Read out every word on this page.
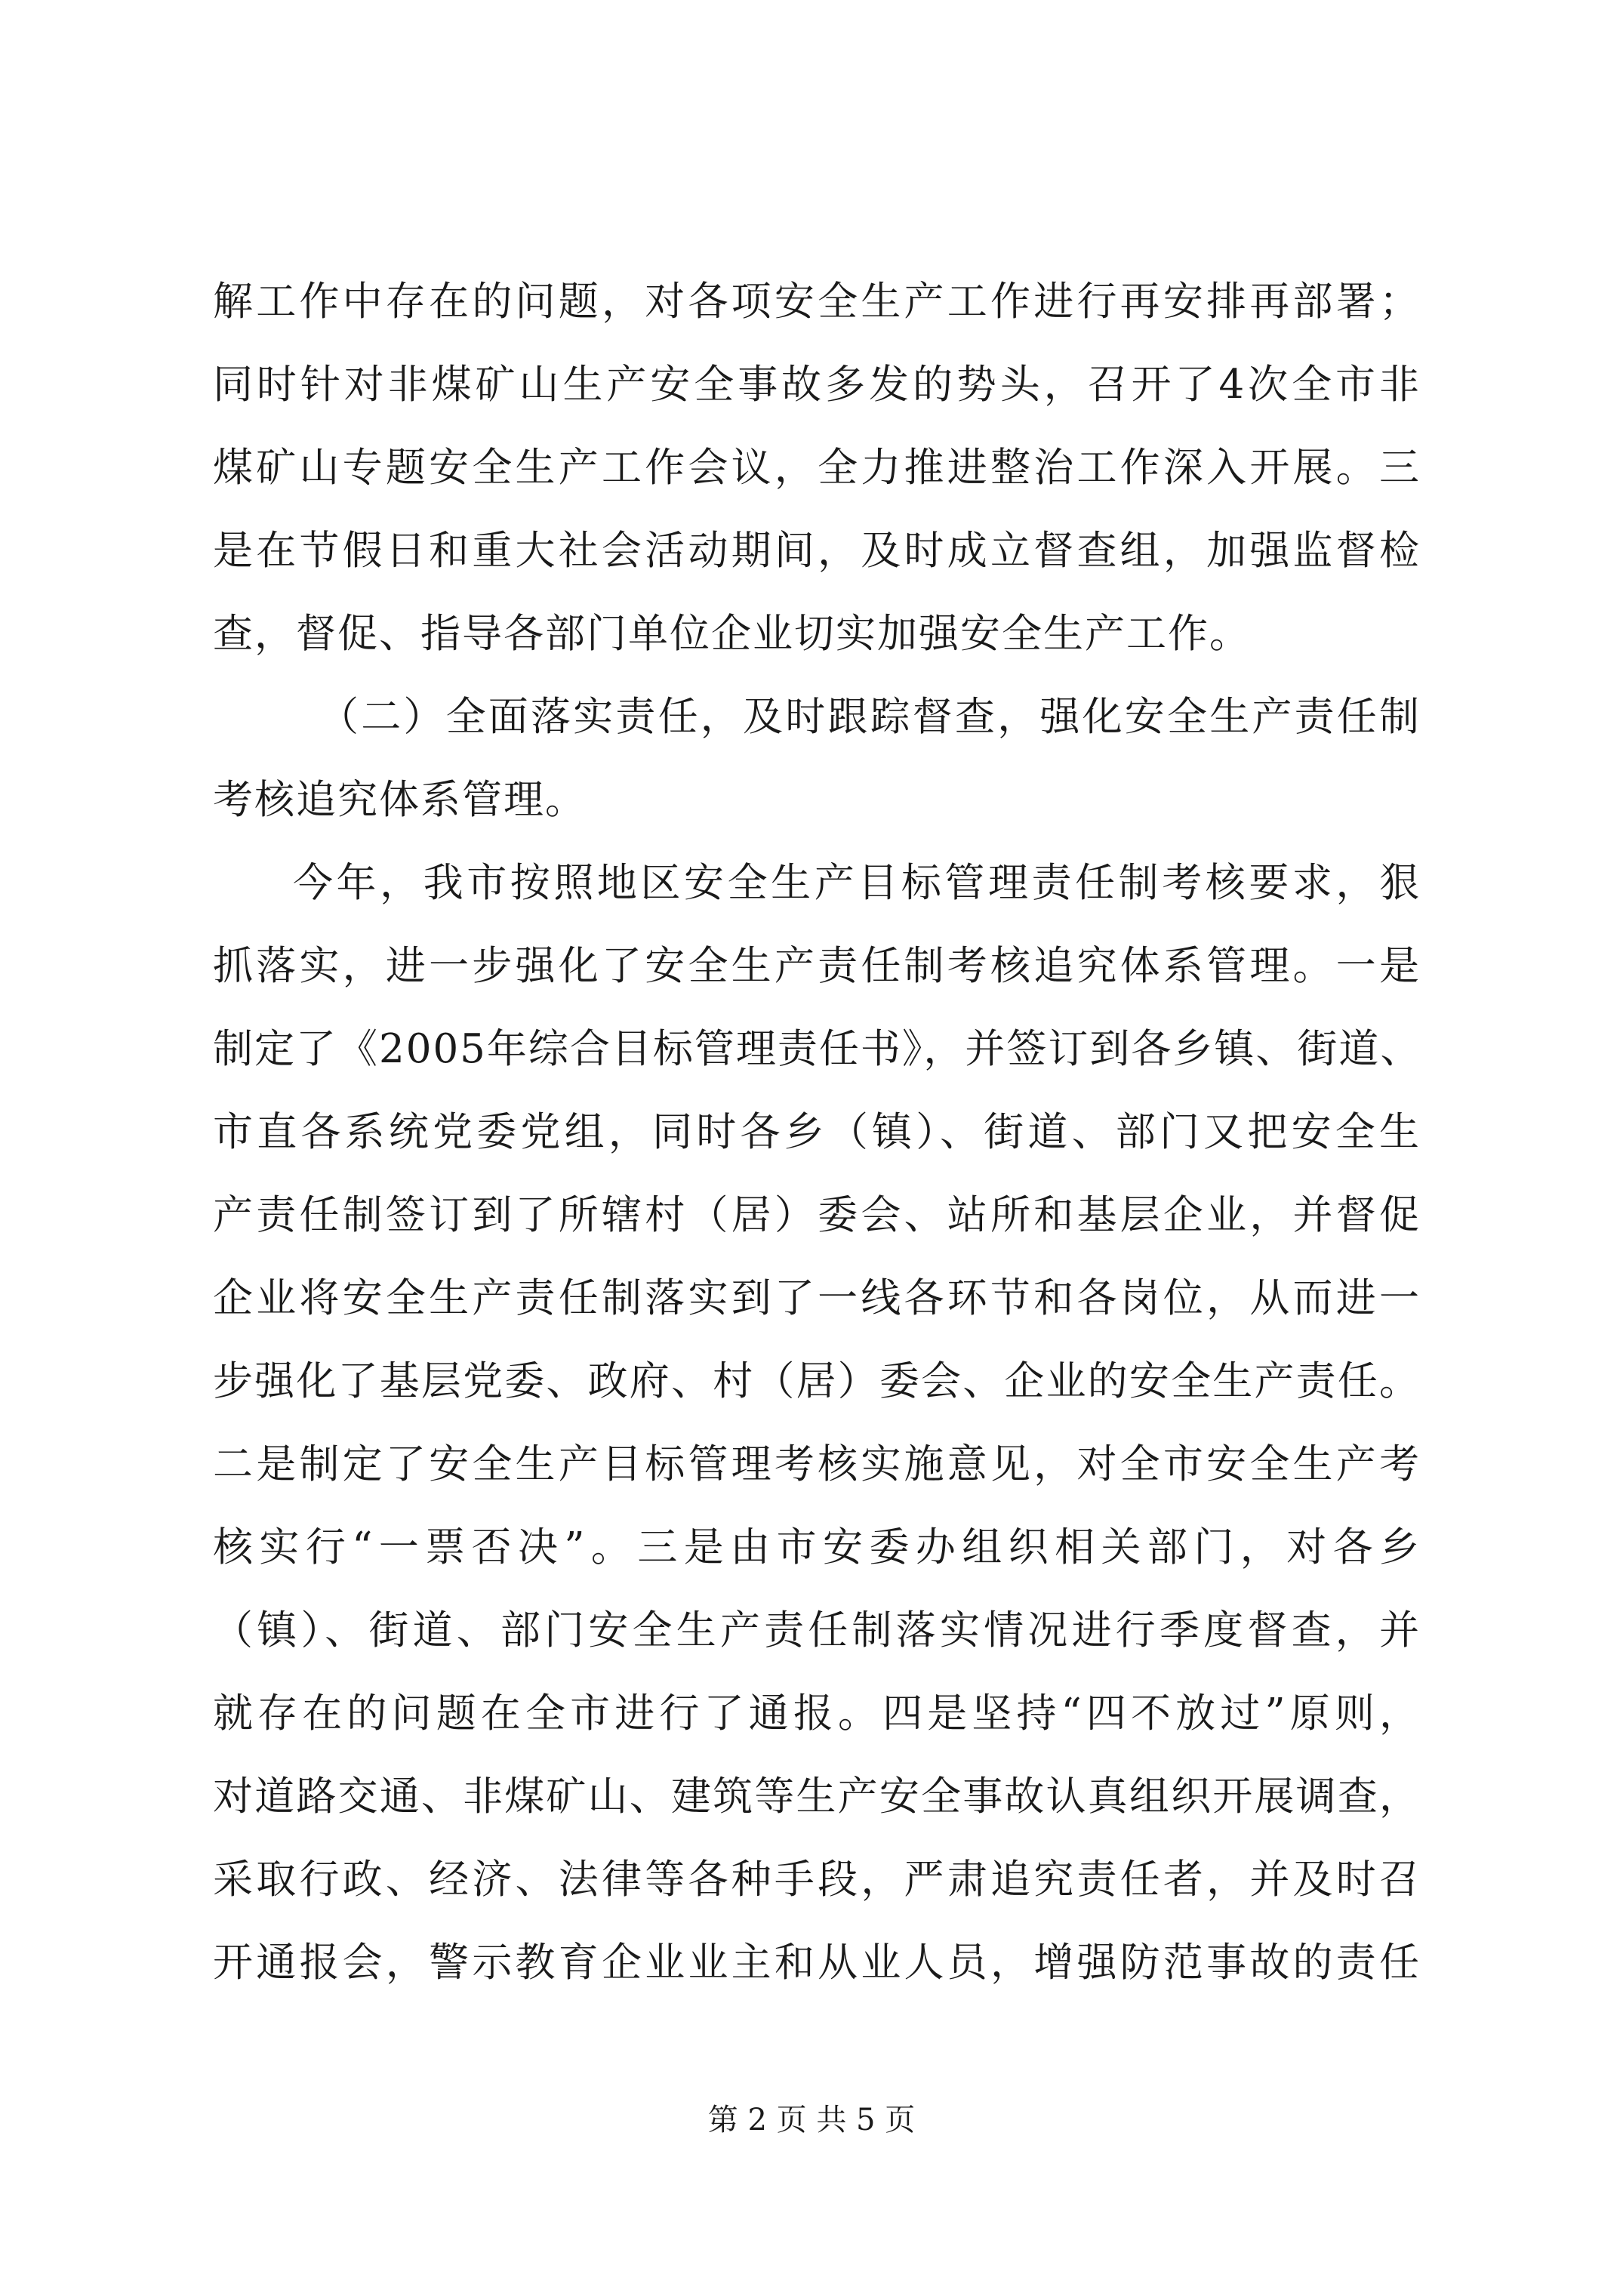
解工作中存在的问题，对各项安全生产工作进行再安排再部署；
同时针对非煤矿山生产安全事故多发的势头，召开了4次全市非
煤矿山专题安全生产工作会议，全力推进整治工作深入开展。三
是在节假日和重大社会活动期间，及时成立督查组，加强监督检
查，督促、指导各部门单位企业切实加强安全生产工作。
（二）全面落实责任，及时跟踪督查，强化安全生产责任制
考核追究体系管理。
今年，我市按照地区安全生产目标管理责任制考核要求，狠
抓落实，进一步强化了安全生产责任制考核追究体系管理。一是
制定了《2005年综合目标管理责任书》，并签订到各乡镇、街道、
市直各系统党委党组，同时各乡（镇）、街道、部门又把安全生
产责任制签订到了所辖村（居）委会、站所和基层企业，并督促
企业将安全生产责任制落实到了一线各环节和各岗位，从而进一
步强化了基层党委、政府、村（居）委会、企业的安全生产责任。
二是制定了安全生产目标管理考核实施意见，对全市安全生产考
核实行“一票否决”。三是由市安委办组织相关部门，对各乡
（镇）、街道、部门安全生产责任制落实情况进行季度督查，并
就存在的问题在全市进行了通报。四是坚持“四不放过”原则，
对道路交通、非煤矿山、建筑等生产安全事故认真组织开展调查，
采取行政、经济、法律等各种手段，严肃追究责任者，并及时召
开通报会，警示教育企业业主和从业人员，增强防范事故的责任
第 2 页 共 5 页
